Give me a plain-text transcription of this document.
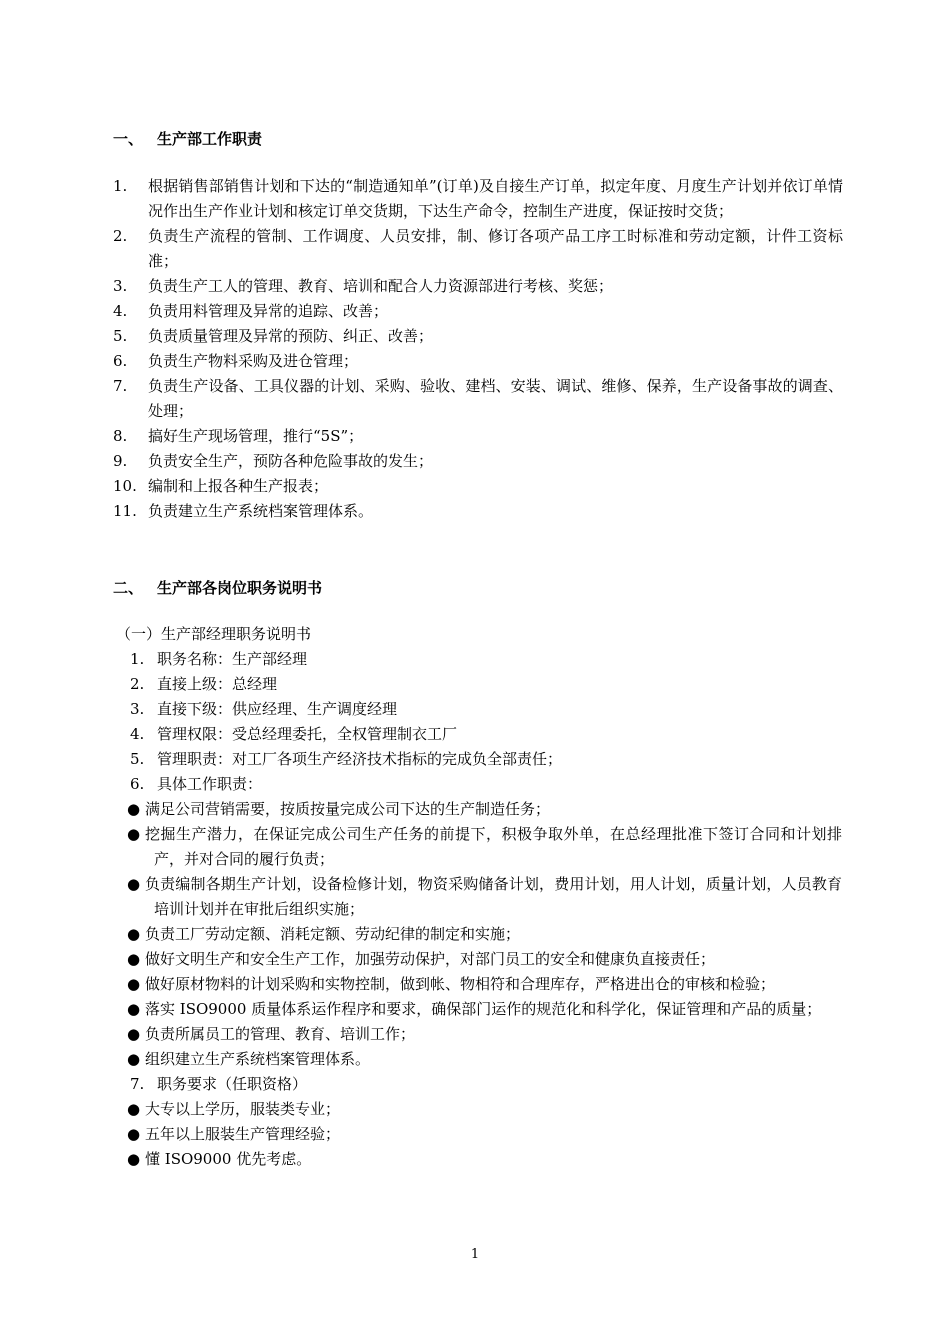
一、 生产部工作职责
1. 根据销售部销售计划和下达的“制造通知单”(订单)及自接生产订单，拟定年度、月度生产计划并依订单情况作出生产作业计划和核定订单交货期，下达生产命令，控制生产进度，保证按时交货；
2. 负责生产流程的管制、工作调度、人员安排，制、修订各项产品工序工时标准和劳动定额，计件工资标准；
3. 负责生产工人的管理、教育、培训和配合人力资源部进行考核、奖惩；
4. 负责用料管理及异常的追踪、改善；
5. 负责质量管理及异常的预防、纠正、改善；
6. 负责生产物料采购及进仓管理；
7. 负责生产设备、工具仪器的计划、采购、验收、建档、安装、调试、维修、保养，生产设备事故的调查、处理；
8. 搞好生产现场管理，推行“5S”；
9. 负责安全生产，预防各种危险事故的发生；
10. 编制和上报各种生产报表；
11. 负责建立生产系统档案管理体系。
二、 生产部各岗位职务说明书
（一）生产部经理职务说明书
1. 职务名称：生产部经理
2. 直接上级：总经理
3. 直接下级：供应经理、生产调度经理
4. 管理权限：受总经理委托，全权管理制衣工厂
5. 管理职责：对工厂各项生产经济技术指标的完成负全部责任；
6. 具体工作职责：
● 满足公司营销需要，按质按量完成公司下达的生产制造任务；
● 挖掘生产潜力，在保证完成公司生产任务的前提下，积极争取外单，在总经理批准下签订合同和计划排产，并对合同的履行负责；
● 负责编制各期生产计划，设备检修计划，物资采购储备计划，费用计划，用人计划，质量计划，人员教育培训计划并在审批后组织实施；
● 负责工厂劳动定额、消耗定额、劳动纪律的制定和实施；
● 做好文明生产和安全生产工作，加强劳动保护，对部门员工的安全和健康负直接责任；
● 做好原材物料的计划采购和实物控制，做到帐、物相符和合理库存，严格进出仓的审核和检验；
● 落实 ISO9000 质量体系运作程序和要求，确保部门运作的规范化和科学化，保证管理和产品的质量；
● 负责所属员工的管理、教育、培训工作；
● 组织建立生产系统档案管理体系。
7. 职务要求（任职资格）
● 大专以上学历，服装类专业；
● 五年以上服装生产管理经验；
● 懂 ISO9000 优先考虑。
1
